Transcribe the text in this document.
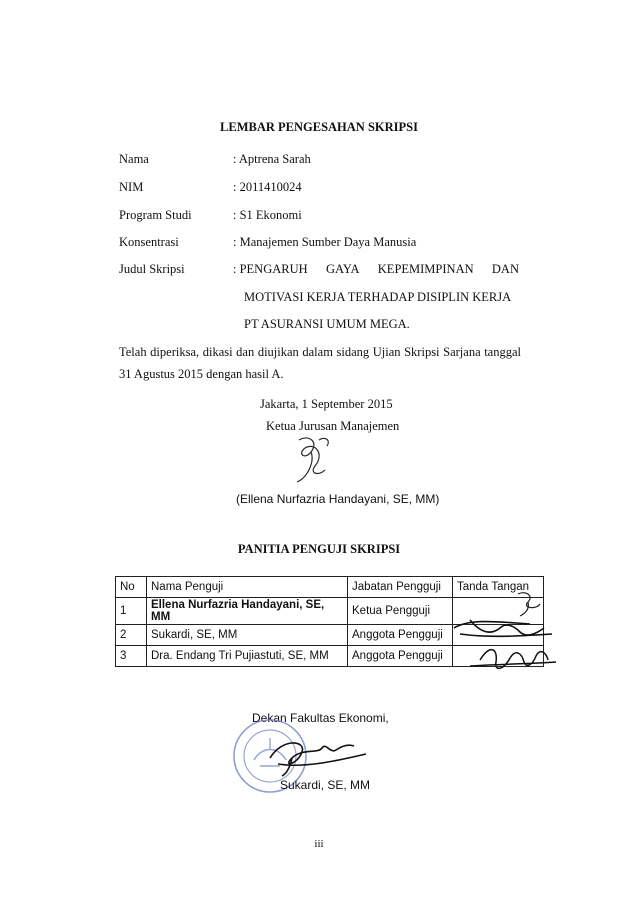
LEMBAR PENGESAHAN SKRIPSI
Nama	: Aptrena Sarah
NIM	: 2011410024
Program Studi	: S1 Ekonomi
Konsentrasi	: Manajemen Sumber Daya Manusia
Judul Skripsi	: PENGARUH GAYA KEPEMIMPINAN DAN
MOTIVASI KERJA TERHADAP DISIPLIN KERJA
PT ASURANSI UMUM MEGA.
Telah diperiksa, dikasi dan diujikan dalam sidang Ujian Skripsi Sarjana tanggal 31 Agustus 2015 dengan hasil A.
Jakarta, 1 September 2015
Ketua Jurusan Manajemen
(Ellena Nurfazria Handayani, SE, MM)
PANITIA PENGUJI SKRIPSI
No	Nama Penguji	Jabatan Pengguji	Tanda Tangan
1	Ellena Nurfazria Handayani, SE, MM	Ketua Pengguji	
2	Sukardi, SE, MM	Anggota Pengguji	
3	Dra. Endang Tri Pujiastuti, SE, MM	Anggota Pengguji	
Dekan Fakultas Ekonomi,
Sukardi, SE, MM
iii
